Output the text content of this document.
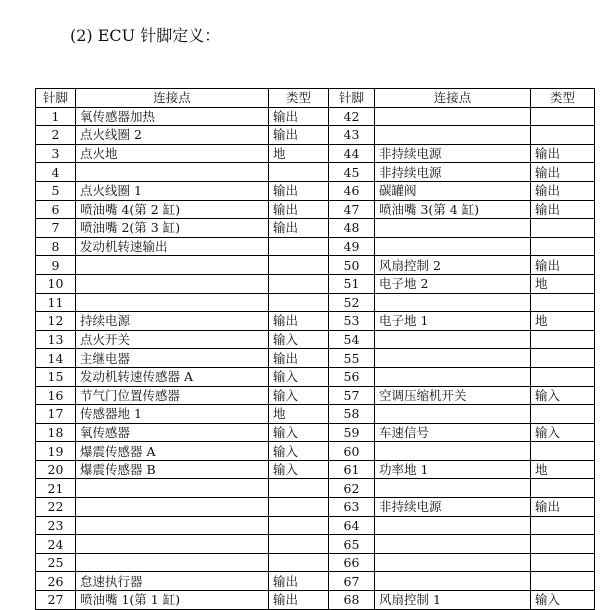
(2) ECU 针脚定义：
针脚	连接点	类型	针脚	连接点	类型
1	氧传感器加热	输出	42		
2	点火线圈 2	输出	43		
3	点火地	地	44	非持续电源	输出
4			45	非持续电源	输出
5	点火线圈 1	输出	46	碳罐阀	输出
6	喷油嘴 4(第 2 缸)	输出	47	喷油嘴 3(第 4 缸)	输出
7	喷油嘴 2(第 3 缸)	输出	48		
8	发动机转速输出		49		
9			50	风扇控制 2	输出
10			51	电子地 2	地
11			52		
12	持续电源	输出	53	电子地 1	地
13	点火开关	输入	54		
14	主继电器	输出	55		
15	发动机转速传感器 A	输入	56		
16	节气门位置传感器	输入	57	空调压缩机开关	输入
17	传感器地 1	地	58		
18	氧传感器	输入	59	车速信号	输入
19	爆震传感器 A	输入	60		
20	爆震传感器 B	输入	61	功率地 1	地
21			62		
22			63	非持续电源	输出
23			64		
24			65		
25			66		
26	怠速执行器	输出	67		
27	喷油嘴 1(第 1 缸)	输出	68	风扇控制 1	输入
